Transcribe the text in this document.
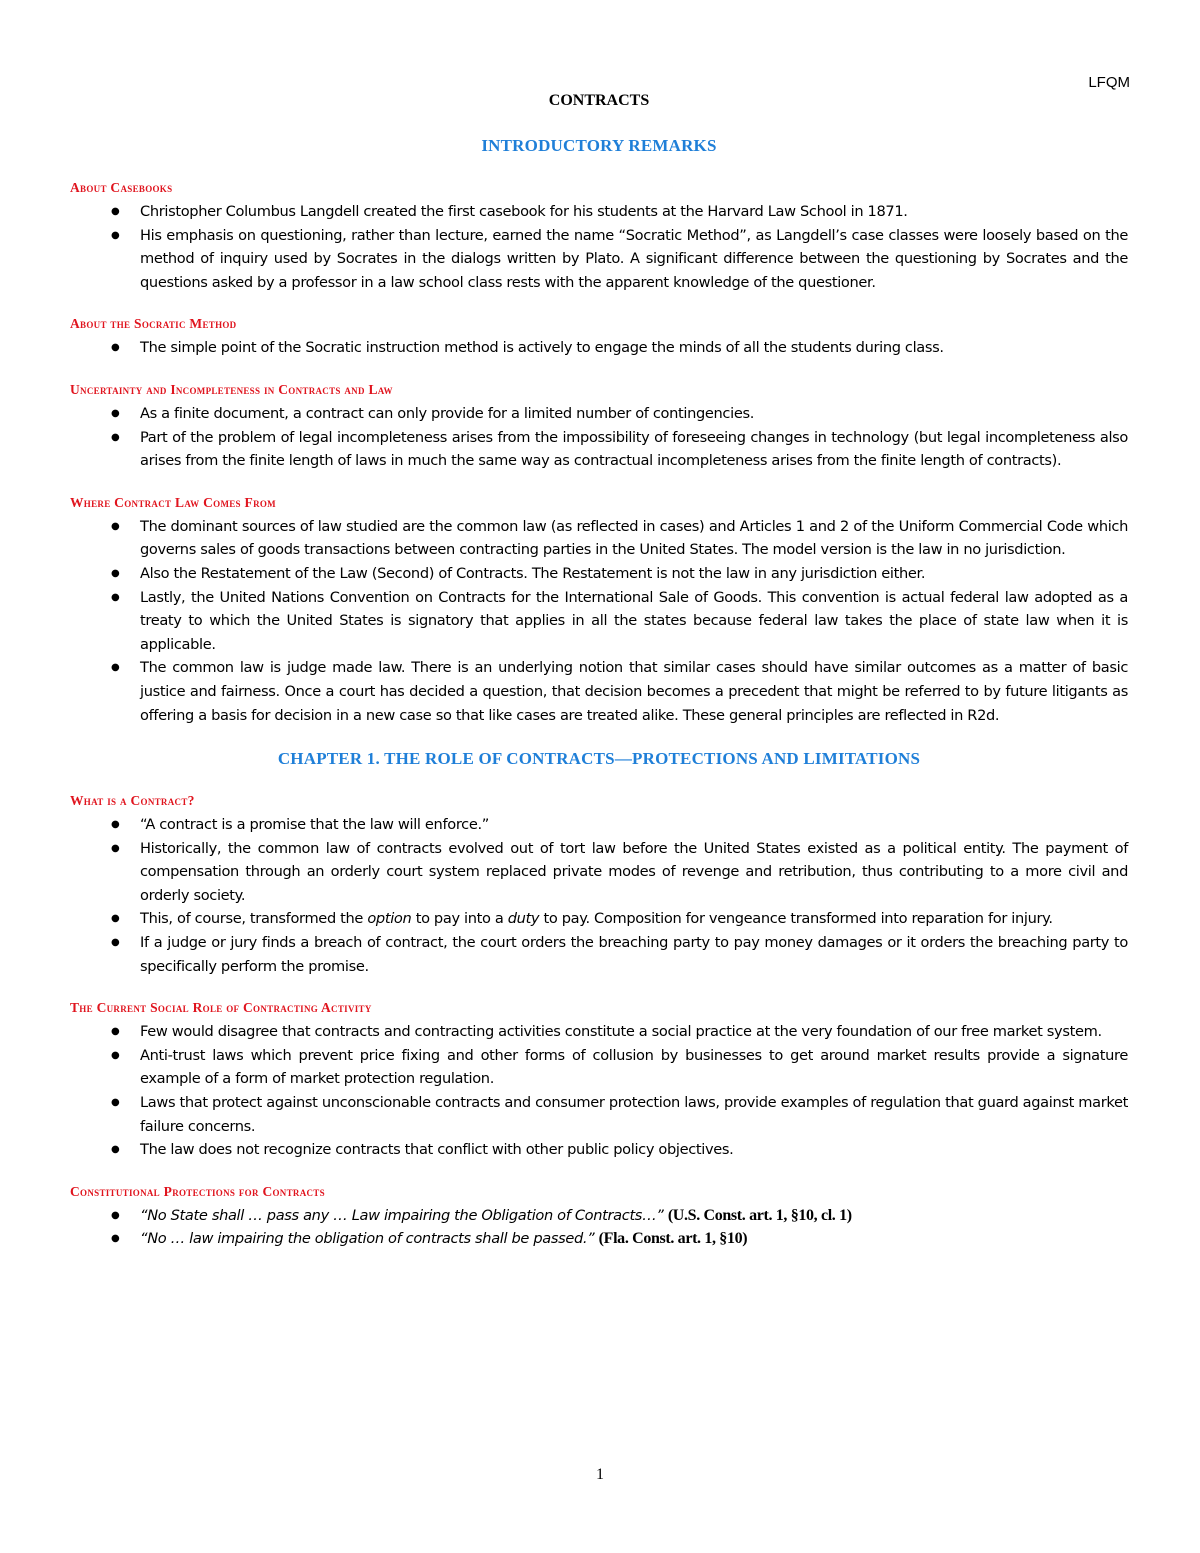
LFQM
CONTRACTS
INTRODUCTORY REMARKS
About Casebooks
● Christopher Columbus Langdell created the first casebook for his students at the Harvard Law School in 1871.
● His emphasis on questioning, rather than lecture, earned the name “Socratic Method”, as Langdell’s case classes were loosely based on the method of inquiry used by Socrates in the dialogs written by Plato. A significant difference between the questioning by Socrates and the questions asked by a professor in a law school class rests with the apparent knowledge of the questioner.
About the Socratic Method
● The simple point of the Socratic instruction method is actively to engage the minds of all the students during class.
Uncertainty and Incompleteness in Contracts and Law
● As a finite document, a contract can only provide for a limited number of contingencies.
● Part of the problem of legal incompleteness arises from the impossibility of foreseeing changes in technology (but legal incompleteness also arises from the finite length of laws in much the same way as contractual incompleteness arises from the finite length of contracts).
Where Contract Law Comes From
● The dominant sources of law studied are the common law (as reflected in cases) and Articles 1 and 2 of the Uniform Commercial Code which governs sales of goods transactions between contracting parties in the United States. The model version is the law in no jurisdiction.
● Also the Restatement of the Law (Second) of Contracts. The Restatement is not the law in any jurisdiction either.
● Lastly, the United Nations Convention on Contracts for the International Sale of Goods. This convention is actual federal law adopted as a treaty to which the United States is signatory that applies in all the states because federal law takes the place of state law when it is applicable.
● The common law is judge made law. There is an underlying notion that similar cases should have similar outcomes as a matter of basic justice and fairness. Once a court has decided a question, that decision becomes a precedent that might be referred to by future litigants as offering a basis for decision in a new case so that like cases are treated alike. These general principles are reflected in R2d.
CHAPTER 1. THE ROLE OF CONTRACTS—PROTECTIONS AND LIMITATIONS
What is a Contract?
● “A contract is a promise that the law will enforce.”
● Historically, the common law of contracts evolved out of tort law before the United States existed as a political entity. The payment of compensation through an orderly court system replaced private modes of revenge and retribution, thus contributing to a more civil and orderly society.
● This, of course, transformed the option to pay into a duty to pay. Composition for vengeance transformed into reparation for injury.
● If a judge or jury finds a breach of contract, the court orders the breaching party to pay money damages or it orders the breaching party to specifically perform the promise.
The Current Social Role of Contracting Activity
● Few would disagree that contracts and contracting activities constitute a social practice at the very foundation of our free market system.
● Anti-trust laws which prevent price fixing and other forms of collusion by businesses to get around market results provide a signature example of a form of market protection regulation.
● Laws that protect against unconscionable contracts and consumer protection laws, provide examples of regulation that guard against market failure concerns.
● The law does not recognize contracts that conflict with other public policy objectives.
Constitutional Protections for Contracts
● “No State shall … pass any … Law impairing the Obligation of Contracts…” (U.S. Const. art. 1, §10, cl. 1)
● “No … law impairing the obligation of contracts shall be passed.” (Fla. Const. art. 1, §10)
1
